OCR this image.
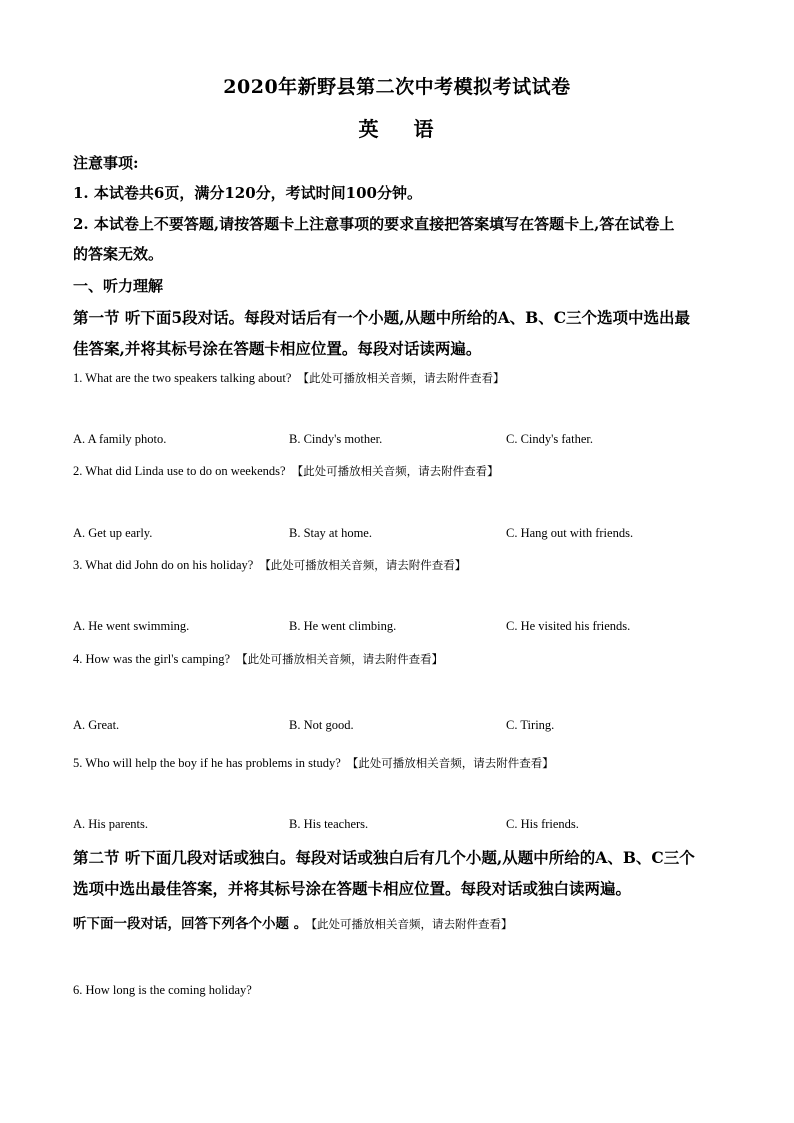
2020年新野县第二次中考模拟考试试卷
英 语
注意事项:
1. 本试卷共6页，满分120分，考试时间100分钟。
2. 本试卷上不要答题,请按答题卡上注意事项的要求直接把答案填写在答题卡上,答在试卷上
的答案无效。
一、听力理解
第一节 听下面5段对话。每段对话后有一个小题,从题中所给的A、B、C三个选项中选出最
佳答案,并将其标号涂在答题卡相应位置。每段对话读两遍。
1. What are the two speakers talking about? 【此处可播放相关音频，请去附件查看】
A. A family photo.	B. Cindy's mother.	C. Cindy's father.
2. What did Linda use to do on weekends? 【此处可播放相关音频，请去附件查看】
A. Get up early.	B. Stay at home.	C. Hang out with friends.
3. What did John do on his holiday? 【此处可播放相关音频，请去附件查看】
A. He went swimming.	B. He went climbing.	C. He visited his friends.
4. How was the girl's camping? 【此处可播放相关音频，请去附件查看】
A. Great.	B. Not good.	C. Tiring.
5. Who will help the boy if he has problems in study? 【此处可播放相关音频，请去附件查看】
A. His parents.	B. His teachers.	C. His friends.
第二节 听下面几段对话或独白。每段对话或独白后有几个小题,从题中所给的A、B、C三个
选项中选出最佳答案，并将其标号涂在答题卡相应位置。每段对话或独白读两遍。
听下面一段对话，回答下列各个小题 。 【此处可播放相关音频，请去附件查看】
6. How long is the coming holiday?
